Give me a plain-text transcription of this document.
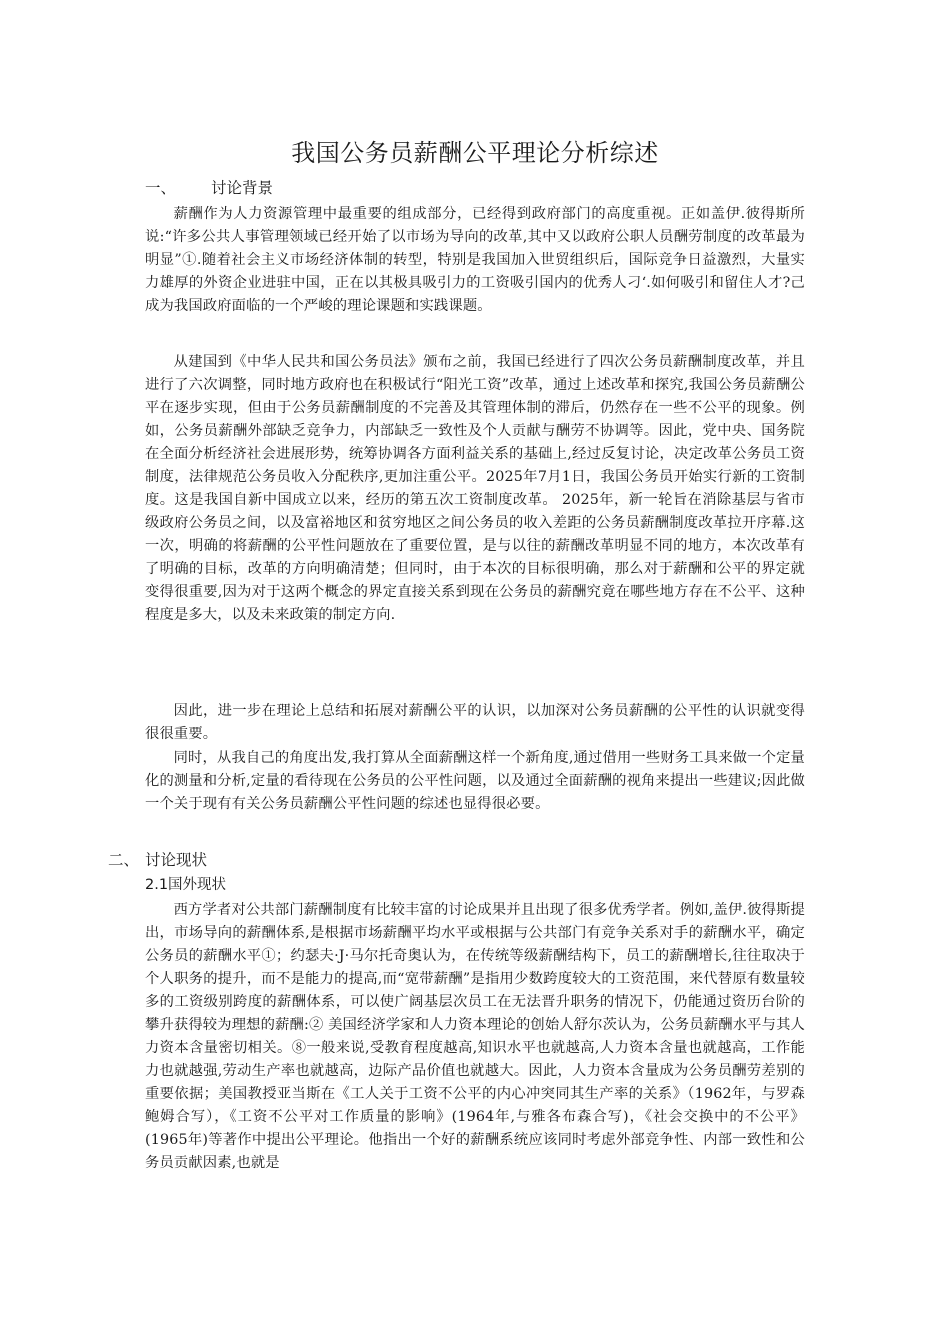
我国公务员薪酬公平理论分析综述
一、 讨论背景
薪酬作为人力资源管理中最重要的组成部分，已经得到政府部门的高度重视。正如盖伊.彼得斯所说:“许多公共人事管理领域已经开始了以市场为导向的改革,其中又以政府公职人员酬劳制度的改革最为明显”①.随着社会主义市场经济体制的转型，特别是我国加入世贸组织后，国际竞争日益激烈，大量实力雄厚的外资企业进驻中国，正在以其极具吸引力的工资吸引国内的优秀人刁‘.如何吸引和留住人才?己成为我国政府面临的一个严峻的理论课题和实践课题。
从建国到《中华人民共和国公务员法》颁布之前，我国已经进行了四次公务员薪酬制度改革，并且进行了六次调整，同时地方政府也在积极试行“阳光工资”改革，通过上述改革和探究,我国公务员薪酬公平在逐步实现，但由于公务员薪酬制度的不完善及其管理体制的滞后，仍然存在一些不公平的现象。例如，公务员薪酬外部缺乏竞争力，内部缺乏一致性及个人贡献与酬劳不协调等。因此，党中央、国务院在全面分析经济社会进展形势，统筹协调各方面利益关系的基础上,经过反复讨论，决定改革公务员工资制度，法律规范公务员收入分配秩序,更加注重公平。2025年7月1日，我国公务员开始实行新的工资制度。这是我国自新中国成立以来，经历的第五次工资制度改革。 2025年，新一轮旨在消除基层与省市级政府公务员之间，以及富裕地区和贫穷地区之间公务员的收入差距的公务员薪酬制度改革拉开序幕.这一次，明确的将薪酬的公平性问题放在了重要位置，是与以往的薪酬改革明显不同的地方，本次改革有了明确的目标，改革的方向明确清楚；但同时，由于本次的目标很明确，那么对于薪酬和公平的界定就变得很重要,因为对于这两个概念的界定直接关系到现在公务员的薪酬究竟在哪些地方存在不公平、这种程度是多大，以及未来政策的制定方向.
因此，进一步在理论上总结和拓展对薪酬公平的认识，以加深对公务员薪酬的公平性的认识就变得很很重要。
同时，从我自己的角度出发,我打算从全面薪酬这样一个新角度,通过借用一些财务工具来做一个定量化的测量和分析,定量的看待现在公务员的公平性问题，以及通过全面薪酬的视角来提出一些建议;因此做一个关于现有有关公务员薪酬公平性问题的综述也显得很必要。
二、 讨论现状
2.1国外现状
西方学者对公共部门薪酬制度有比较丰富的讨论成果并且出现了很多优秀学者。例如,盖伊.彼得斯提出，市场导向的薪酬体系,是根据市场薪酬平均水平或根据与公共部门有竞争关系对手的薪酬水平，确定公务员的薪酬水平①；约瑟夫·J·马尔托奇奥认为，在传统等级薪酬结构下，员工的薪酬增长,往往取决于个人职务的提升，而不是能力的提高,而“宽带薪酬”是指用少数跨度较大的工资范围，来代替原有数量较多的工资级别跨度的薪酬体系，可以使广阔基层次员工在无法晋升职务的情况下，仍能通过资历台阶的攀升获得较为理想的薪酬:② 美国经济学家和人力资本理论的创始人舒尔茨认为，公务员薪酬水平与其人力资本含量密切相关。⑧一般来说,受教育程度越高,知识水平也就越高,人力资本含量也就越高，工作能力也就越强,劳动生产率也就越高，边际产品价值也就越大。因此，人力资本含量成为公务员酬劳差别的重要依据；美国教授亚当斯在《工人关于工资不公平的内心冲突同其生产率的关系》（1962年，与罗森鲍姆合写），《工资不公平对工作质量的影响》(1964年,与雅各布森合写)，《社会交换中的不公平》(1965年)等著作中提出公平理论。他指出一个好的薪酬系统应该同时考虑外部竞争性、内部一致性和公务员贡献因素,也就是
